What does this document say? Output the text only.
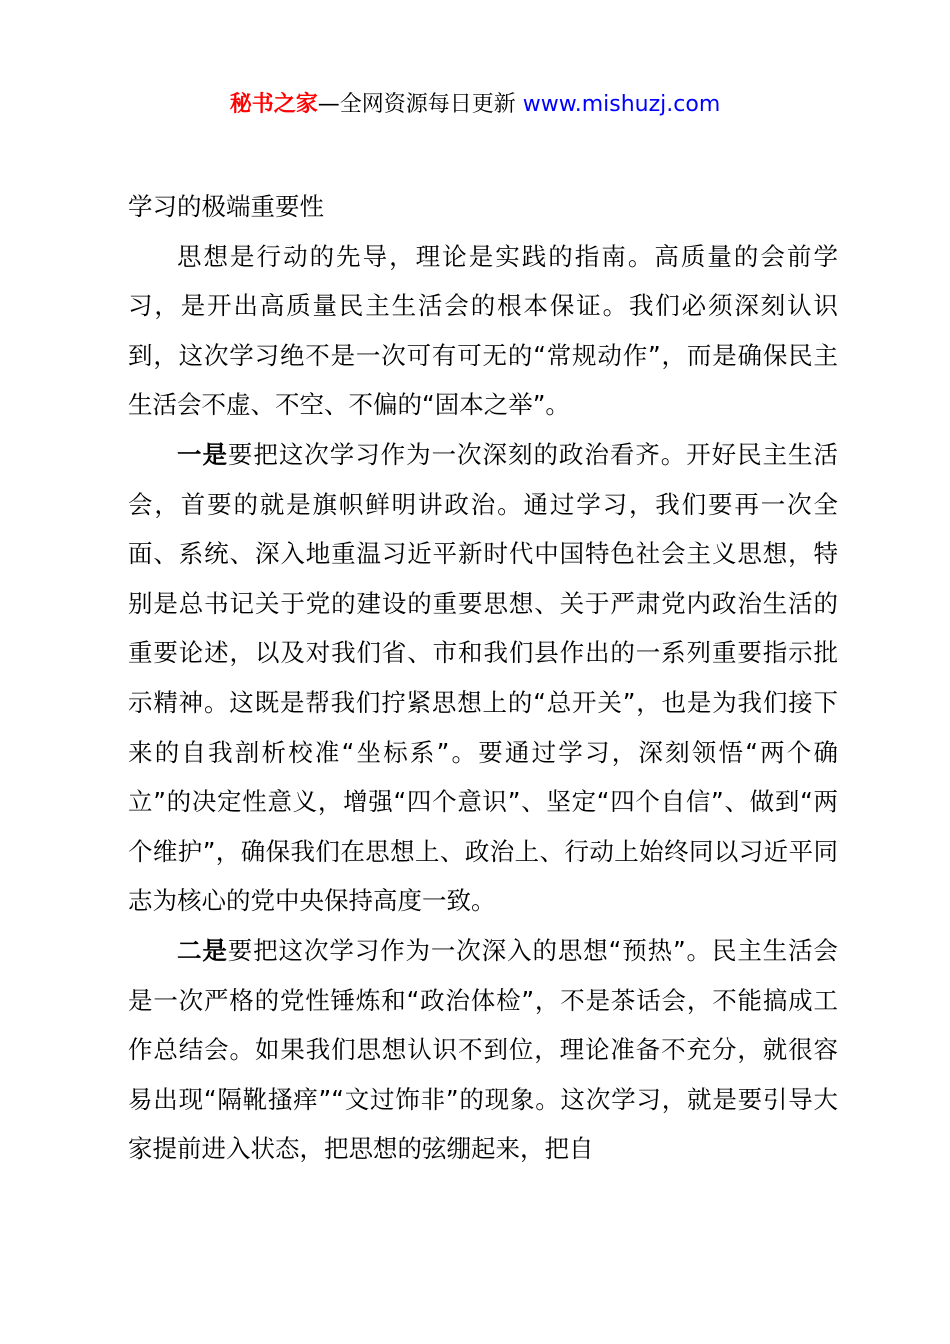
秘书之家—全网资源每日更新 www.mishuzj.com

学习的极端重要性

思想是行动的先导，理论是实践的指南。高质量的会前学习，是开出高质量民主生活会的根本保证。我们必须深刻认识到，这次学习绝不是一次可有可无的“常规动作”，而是确保民主生活会不虚、不空、不偏的“固本之举”。

一是要把这次学习作为一次深刻的政治看齐。开好民主生活会，首要的就是旗帜鲜明讲政治。通过学习，我们要再一次全面、系统、深入地重温习近平新时代中国特色社会主义思想，特别是总书记关于党的建设的重要思想、关于严肃党内政治生活的重要论述，以及对我们省、市和我们县作出的一系列重要指示批示精神。这既是帮我们拧紧思想上的“总开关”，也是为我们接下来的自我剖析校准“坐标系”。要通过学习，深刻领悟“两个确立”的决定性意义，增强“四个意识”、坚定“四个自信”、做到“两个维护”，确保我们在思想上、政治上、行动上始终同以习近平同志为核心的党中央保持高度一致。

二是要把这次学习作为一次深入的思想“预热”。民主生活会是一次严格的党性锤炼和“政治体检”，不是茶话会，不能搞成工作总结会。如果我们思想认识不到位，理论准备不充分，就很容易出现“隔靴搔痒”“文过饰非”的现象。这次学习，就是要引导大家提前进入状态，把思想的弦绷起来，把自
